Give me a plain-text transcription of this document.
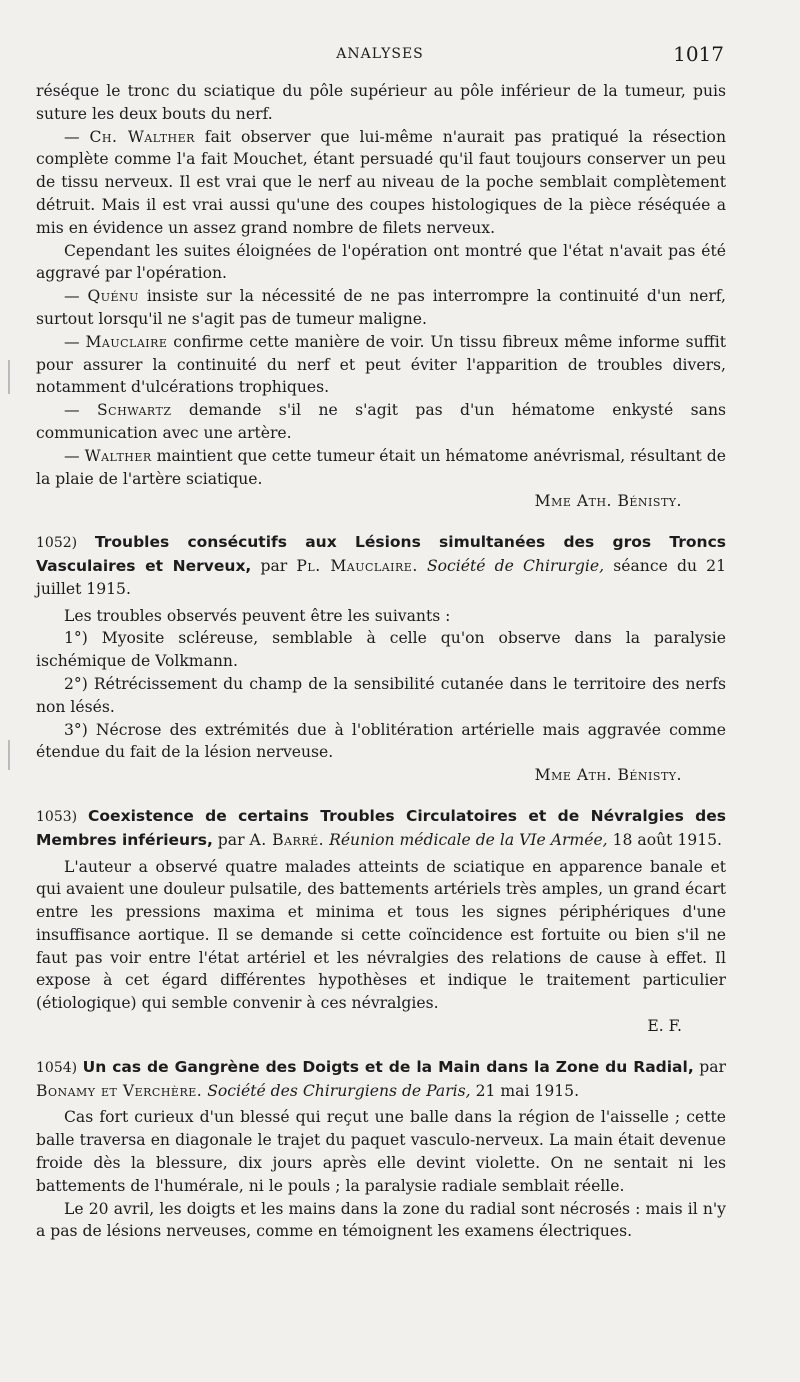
ANALYSES	1017

réséque le tronc du sciatique du pôle supérieur au pôle inférieur de la tumeur, puis suture les deux bouts du nerf.

— Ch. Walther fait observer que lui-même n'aurait pas pratiqué la résection complète comme l'a fait Mouchet, étant persuadé qu'il faut toujours conserver un peu de tissu nerveux. Il est vrai que le nerf au niveau de la poche semblait complètement détruit. Mais il est vrai aussi qu'une des coupes histologiques de la pièce réséquée a mis en évidence un assez grand nombre de filets nerveux.

Cependant les suites éloignées de l'opération ont montré que l'état n'avait pas été aggravé par l'opération.

— Quénu insiste sur la nécessité de ne pas interrompre la continuité d'un nerf, surtout lorsqu'il ne s'agit pas de tumeur maligne.

— Mauclaire confirme cette manière de voir. Un tissu fibreux même informe suffit pour assurer la continuité du nerf et peut éviter l'apparition de troubles divers, notamment d'ulcérations trophiques.

— Schwartz demande s'il ne s'agit pas d'un hématome enkysté sans communication avec une artère.

— Walther maintient que cette tumeur était un hématome anévrismal, résultant de la plaie de l'artère sciatique.

Mme Ath. Bénisty.

1052) Troubles consécutifs aux Lésions simultanées des gros Troncs Vasculaires et Nerveux, par Pl. Mauclaire. Société de Chirurgie, séance du 21 juillet 1915.

Les troubles observés peuvent être les suivants :

1°) Myosite scléreuse, semblable à celle qu'on observe dans la paralysie ischémique de Volkmann.

2°) Rétrécissement du champ de la sensibilité cutanée dans le territoire des nerfs non lésés.

3°) Nécrose des extrémités due à l'oblitération artérielle mais aggravée comme étendue du fait de la lésion nerveuse.

Mme Ath. Bénisty.

1053) Coexistence de certains Troubles Circulatoires et de Névralgies des Membres inférieurs, par A. Barré. Réunion médicale de la VIe Armée, 18 août 1915.

L'auteur a observé quatre malades atteints de sciatique en apparence banale et qui avaient une douleur pulsatile, des battements artériels très amples, un grand écart entre les pressions maxima et minima et tous les signes périphériques d'une insuffisance aortique. Il se demande si cette coïncidence est fortuite ou bien s'il ne faut pas voir entre l'état artériel et les névralgies des relations de cause à effet. Il expose à cet égard différentes hypothèses et indique le traitement particulier (étiologique) qui semble convenir à ces névralgies.

E. F.

1054) Un cas de Gangrène des Doigts et de la Main dans la Zone du Radial, par Bonamy et Verchère. Société des Chirurgiens de Paris, 21 mai 1915.

Cas fort curieux d'un blessé qui reçut une balle dans la région de l'aisselle ; cette balle traversa en diagonale le trajet du paquet vasculo-nerveux. La main était devenue froide dès la blessure, dix jours après elle devint violette. On ne sentait ni les battements de l'humérale, ni le pouls ; la paralysie radiale semblait réelle.

Le 20 avril, les doigts et les mains dans la zone du radial sont nécrosés : mais il n'y a pas de lésions nerveuses, comme en témoignent les examens électriques.
